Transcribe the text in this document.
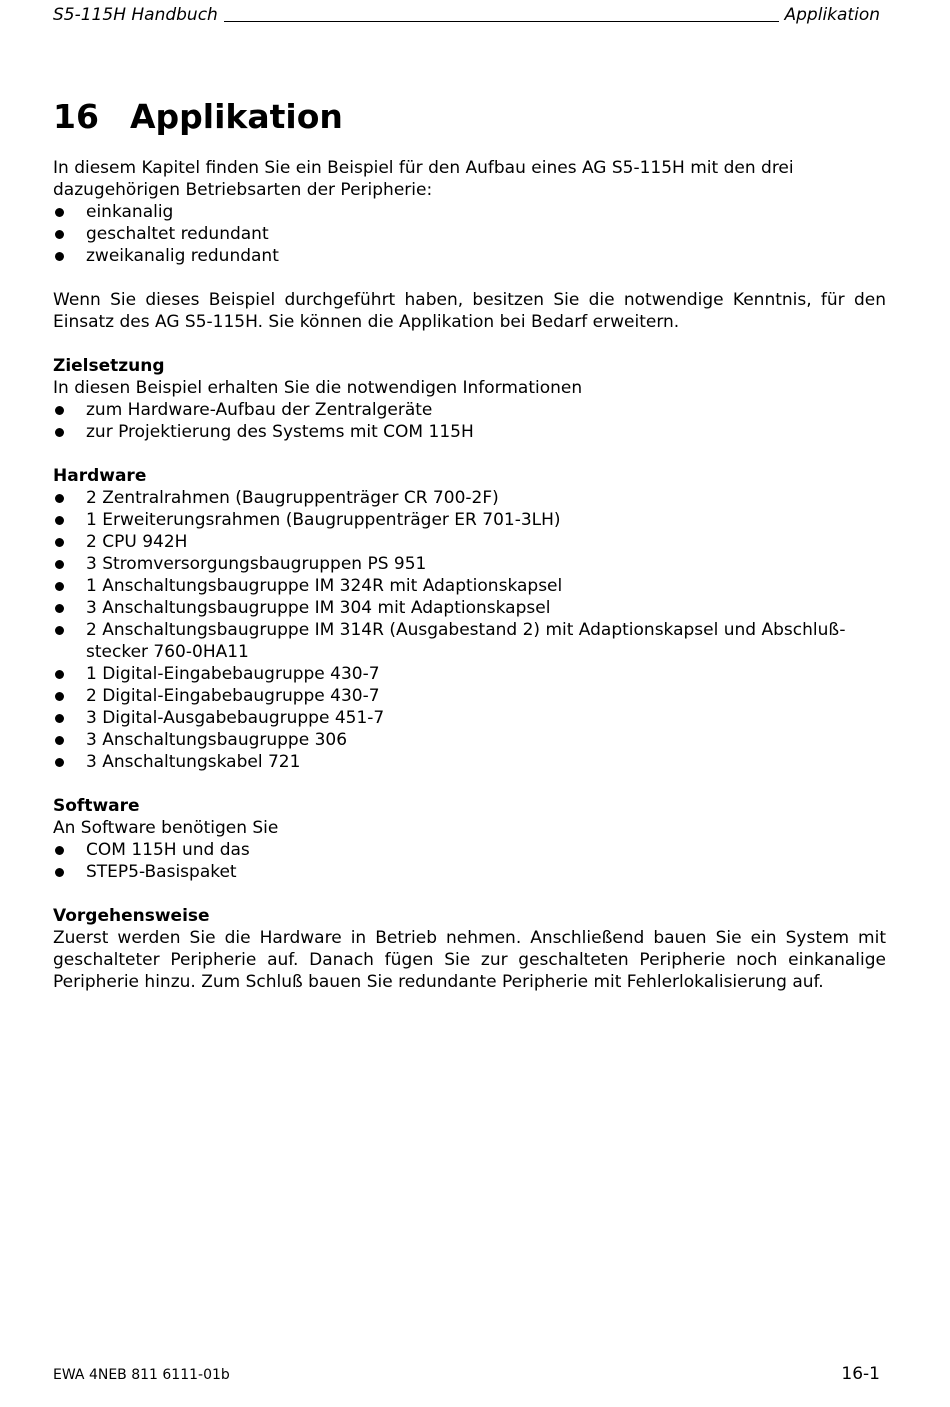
S5-115H Handbuch	Applikation
16 Applikation

In diesem Kapitel finden Sie ein Beispiel für den Aufbau eines AG S5-115H mit den drei dazugehörigen Betriebsarten der Peripherie:

einkanalig
geschaltet redundant
zweikanalig redundant

Wenn Sie dieses Beispiel durchgeführt haben, besitzen Sie die notwendige Kenntnis, für den Einsatz des AG S5-115H. Sie können die Applikation bei Bedarf erweitern.

Zielsetzung

In diesen Beispiel erhalten Sie die notwendigen Informationen

zum Hardware-Aufbau der Zentralgeräte
zur Projektierung des Systems mit COM 115H

Hardware

2 Zentralrahmen (Baugruppenträger CR 700-2F)
1 Erweiterungsrahmen (Baugruppenträger ER 701-3LH)
2 CPU 942H
3 Stromversorgungsbaugruppen PS 951
1 Anschaltungsbaugruppe IM 324R mit Adaptionskapsel
3 Anschaltungsbaugruppe IM 304 mit Adaptionskapsel
2 Anschaltungsbaugruppe IM 314R (Ausgabestand 2) mit Adaptionskapsel und Abschluß-stecker 760-0HA11
1 Digital-Eingabebaugruppe 430-7
2 Digital-Eingabebaugruppe 430-7
3 Digital-Ausgabebaugruppe 451-7
3 Anschaltungsbaugruppe 306
3 Anschaltungskabel 721

Software

An Software benötigen Sie

COM 115H und das
STEP5-Basispaket

Vorgehensweise

Zuerst werden Sie die Hardware in Betrieb nehmen. Anschließend bauen Sie ein System mit geschalteter Peripherie auf. Danach fügen Sie zur geschalteten Peripherie noch einkanalige Peripherie hinzu. Zum Schluß bauen Sie redundante Peripherie mit Fehlerlokalisierung auf.

EWA 4NEB 811 6111-01b	16-1
